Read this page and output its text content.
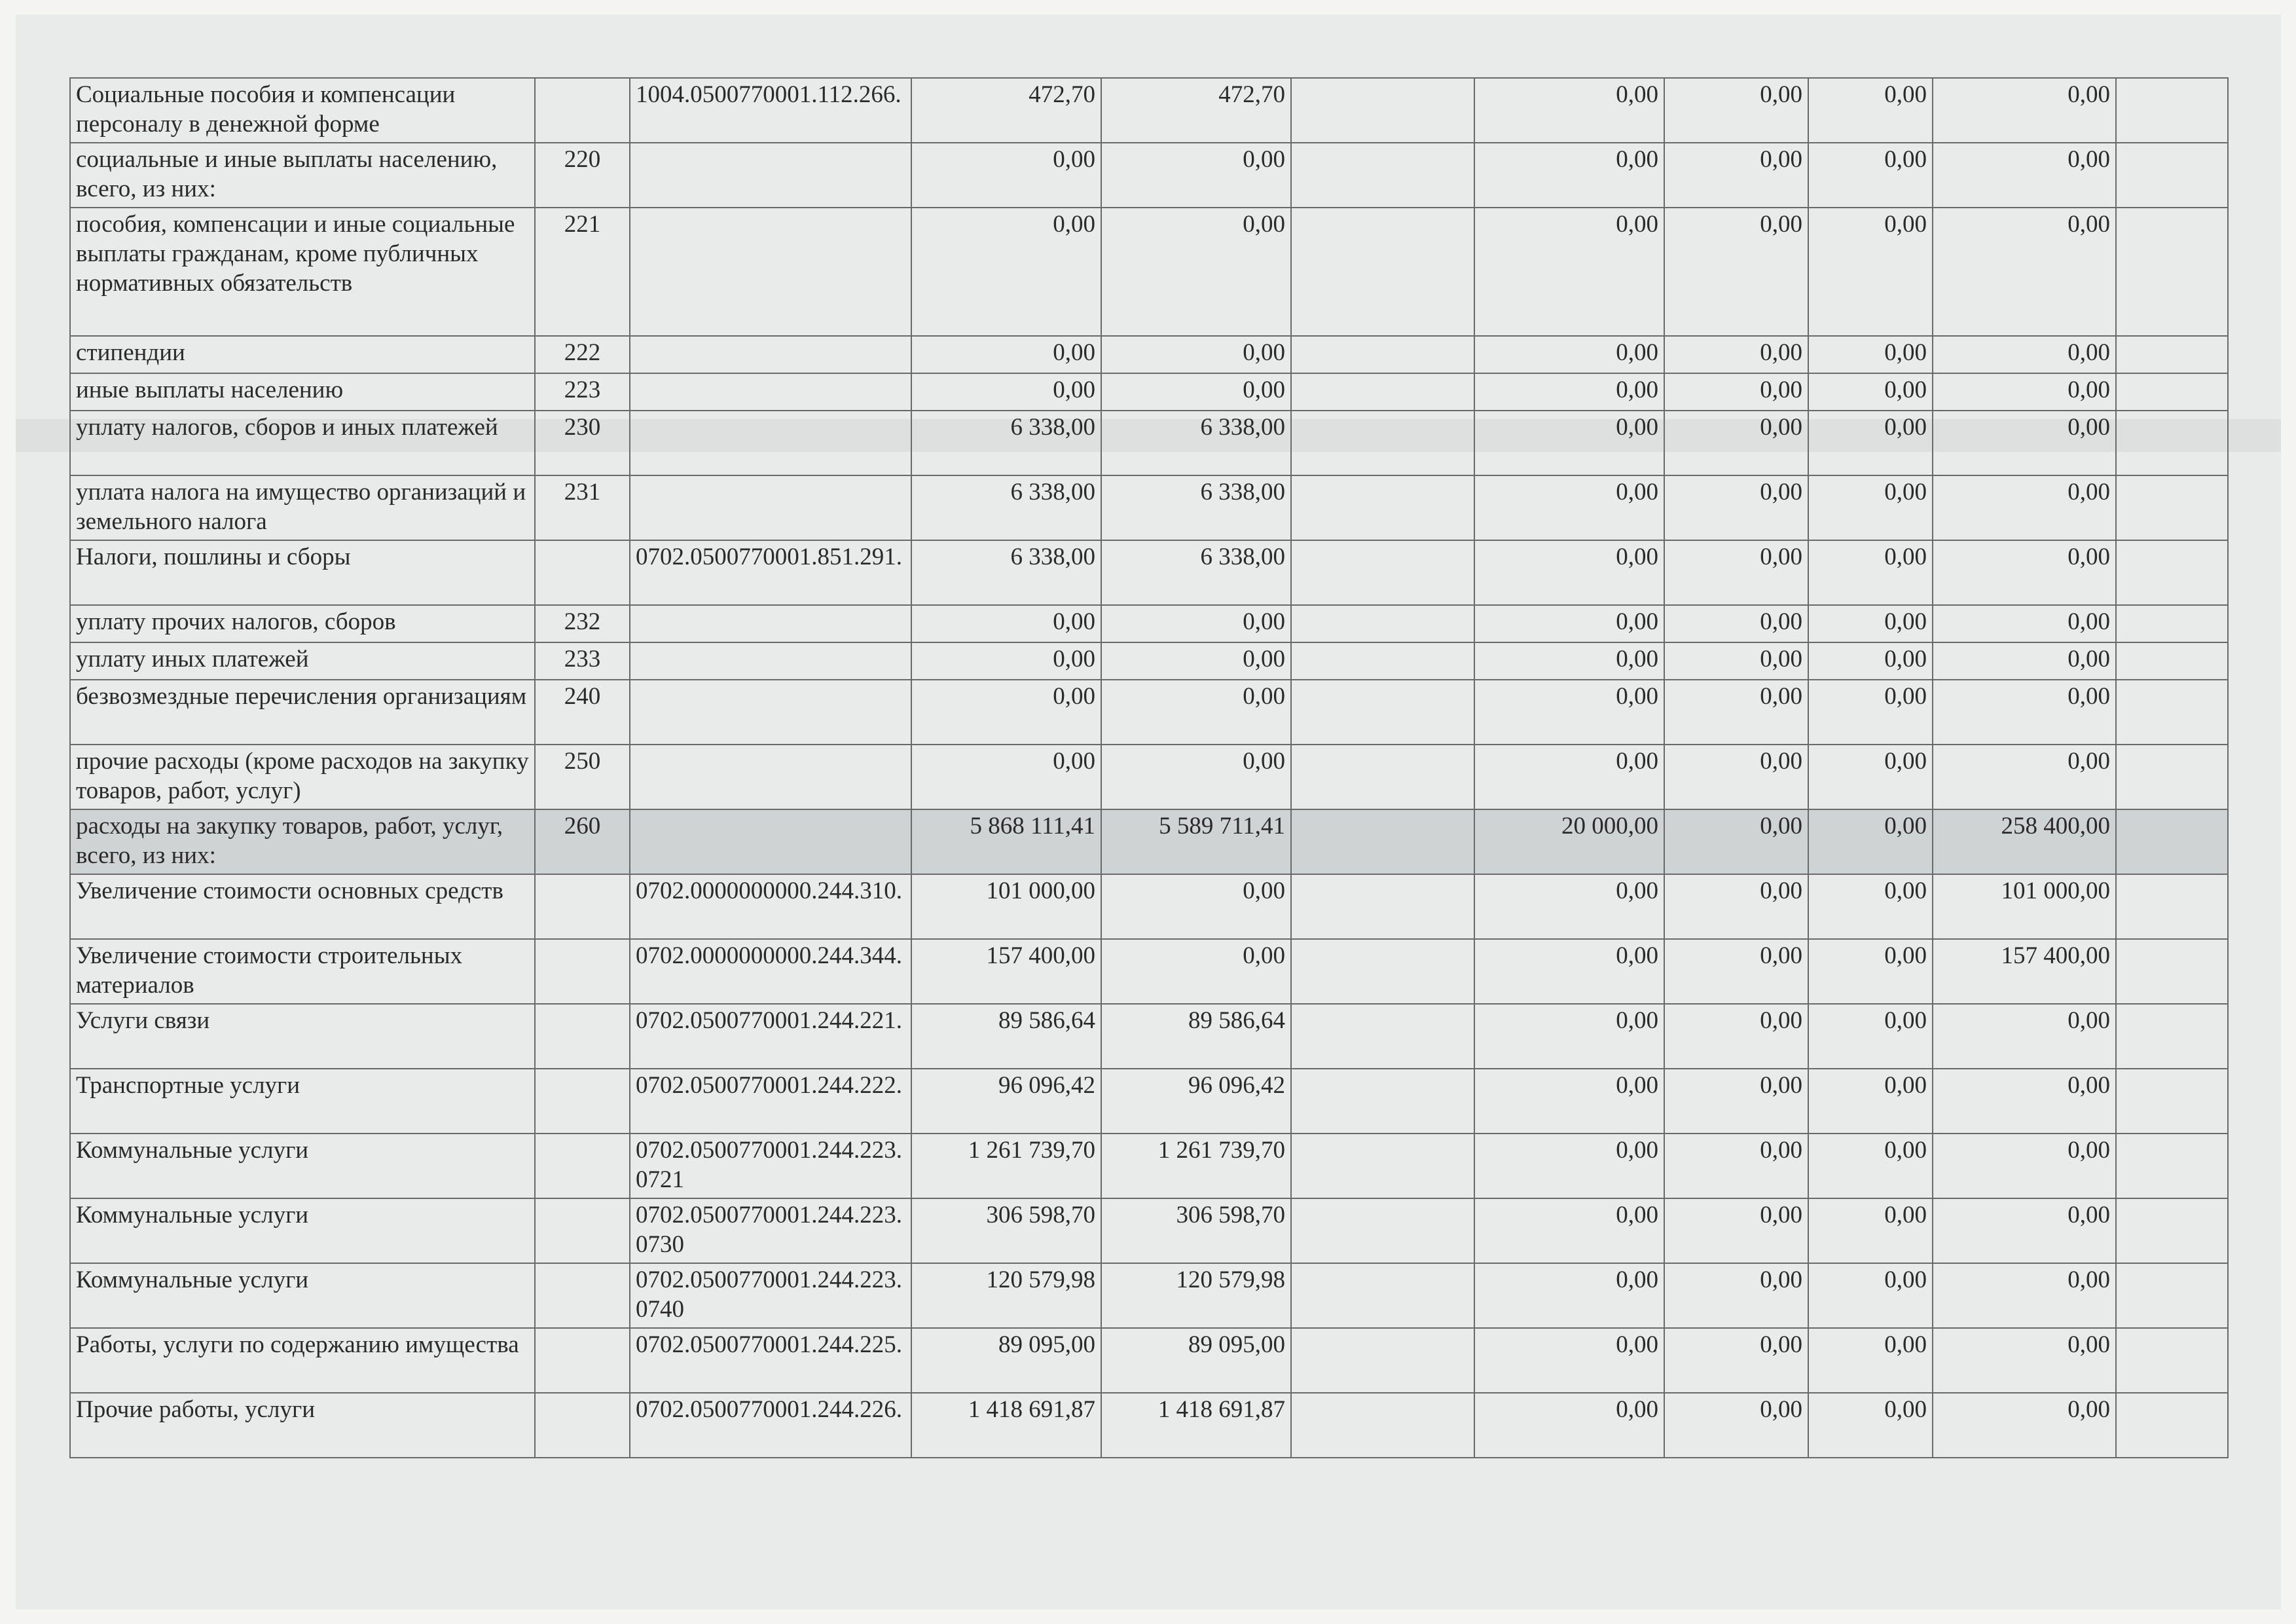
Социальные пособия и компенсации персоналу в денежной форме		1004.0500770001.112.266.	472,70	472,70		0,00	0,00	0,00	0,00	
социальные и иные выплаты населению, всего, из них:	220		0,00	0,00		0,00	0,00	0,00	0,00	
пособия, компенсации и иные социальные выплаты гражданам, кроме публичных нормативных обязательств	221		0,00	0,00		0,00	0,00	0,00	0,00	
стипендии	222		0,00	0,00		0,00	0,00	0,00	0,00	
иные выплаты населению	223		0,00	0,00		0,00	0,00	0,00	0,00	
уплату налогов, сборов и иных платежей	230		6 338,00	6 338,00		0,00	0,00	0,00	0,00	
уплата налога на имущество организаций и земельного налога	231		6 338,00	6 338,00		0,00	0,00	0,00	0,00	
Налоги, пошлины и сборы		0702.0500770001.851.291.	6 338,00	6 338,00		0,00	0,00	0,00	0,00	
уплату прочих налогов, сборов	232		0,00	0,00		0,00	0,00	0,00	0,00	
уплату иных платежей	233		0,00	0,00		0,00	0,00	0,00	0,00	
безвозмездные перечисления организациям	240		0,00	0,00		0,00	0,00	0,00	0,00	
прочие расходы (кроме расходов на закупку товаров, работ, услуг)	250		0,00	0,00		0,00	0,00	0,00	0,00	
расходы на закупку товаров, работ, услуг, всего, из них:	260		5 868 111,41	5 589 711,41		20 000,00	0,00	0,00	258 400,00	
Увеличение стоимости основных средств		0702.0000000000.244.310.	101 000,00	0,00		0,00	0,00	0,00	101 000,00	
Увеличение стоимости строительных материалов		0702.0000000000.244.344.	157 400,00	0,00		0,00	0,00	0,00	157 400,00	
Услуги связи		0702.0500770001.244.221.	89 586,64	89 586,64		0,00	0,00	0,00	0,00	
Транспортные услуги		0702.0500770001.244.222.	96 096,42	96 096,42		0,00	0,00	0,00	0,00	
Коммунальные услуги		0702.0500770001.244.223.0721	1 261 739,70	1 261 739,70		0,00	0,00	0,00	0,00	
Коммунальные услуги		0702.0500770001.244.223.0730	306 598,70	306 598,70		0,00	0,00	0,00	0,00	
Коммунальные услуги		0702.0500770001.244.223.0740	120 579,98	120 579,98		0,00	0,00	0,00	0,00	
Работы, услуги по содержанию имущества		0702.0500770001.244.225.	89 095,00	89 095,00		0,00	0,00	0,00	0,00	
Прочие работы, услуги		0702.0500770001.244.226.	1 418 691,87	1 418 691,87		0,00	0,00	0,00	0,00	
